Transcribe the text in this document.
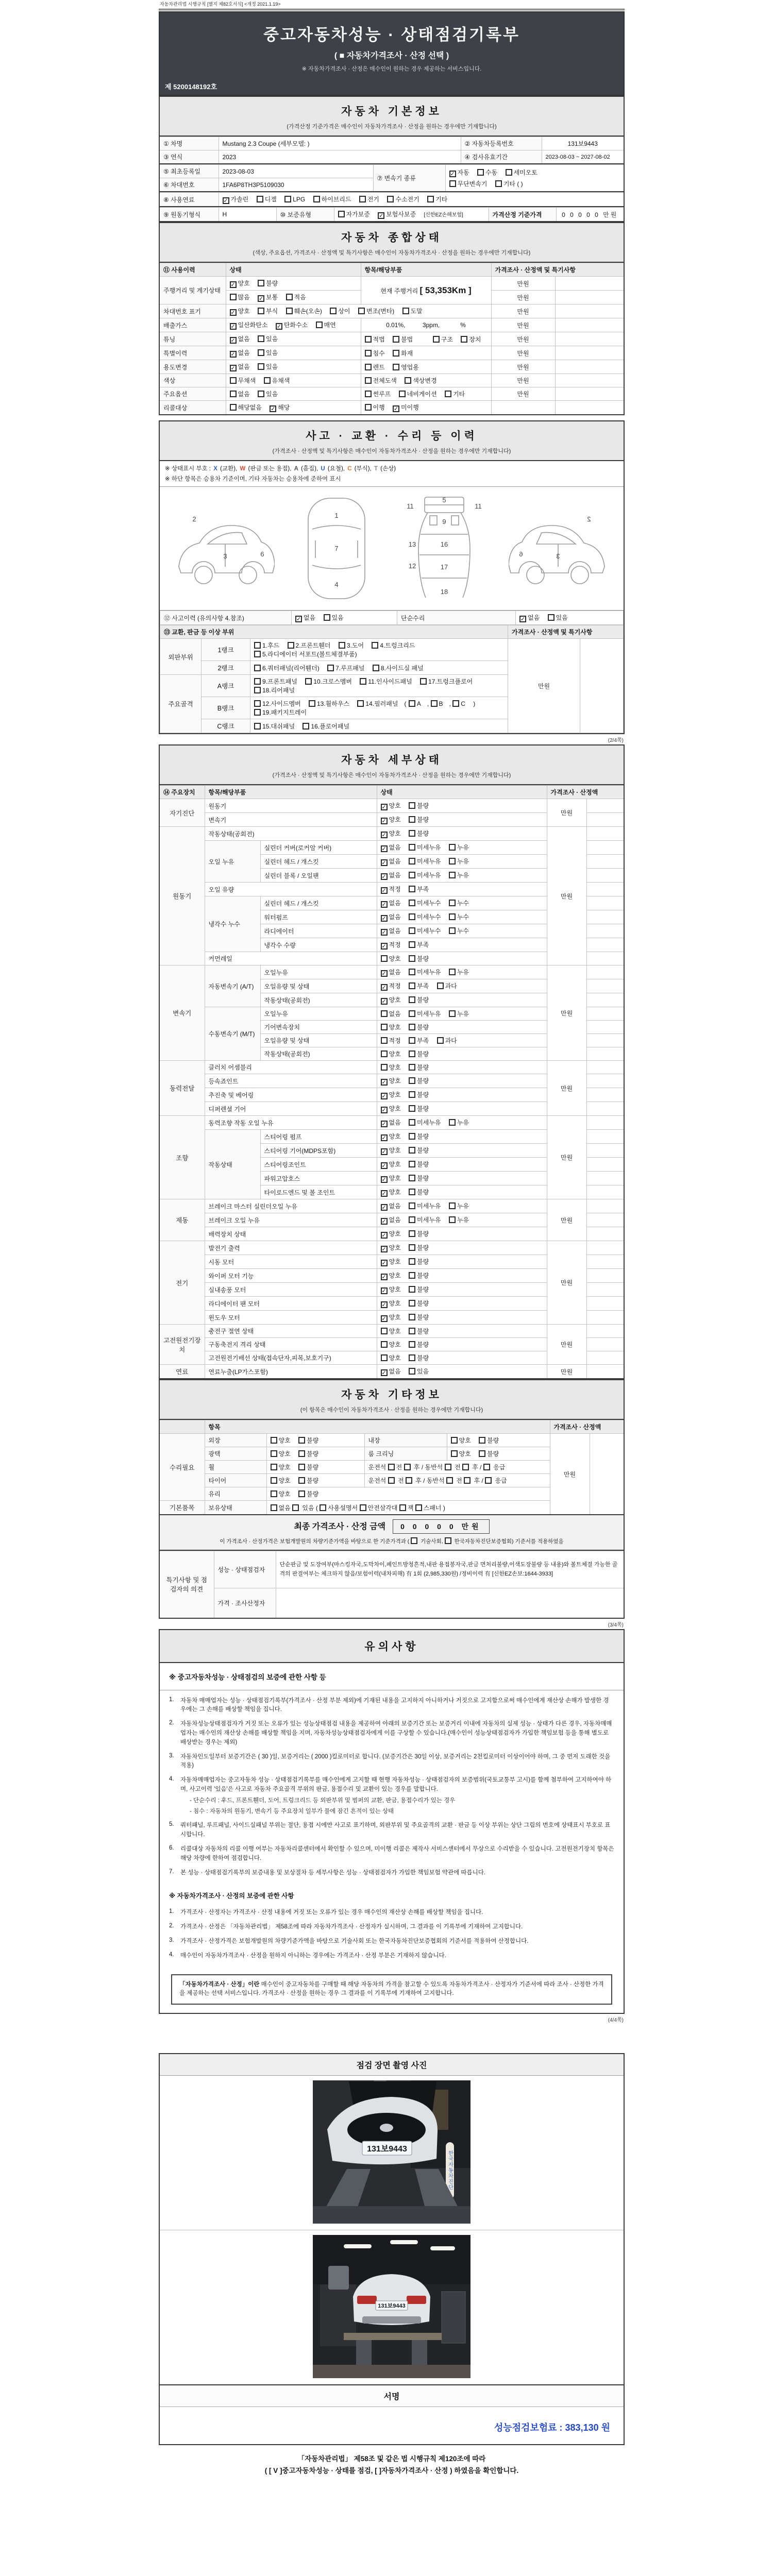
자동차관리법 시행규칙 [별지 제82호서식] <개정 2021.1.19>
중고자동차성능 · 상태점검기록부
( ■ 자동차가격조사 · 산정 선택 )
※ 자동차가격조사 · 산정은 매수인이 원하는 경우 제공하는 서비스입니다.
제 5200148192호
자동차 기본정보
(가격산정 기준가격은 매수인이 자동차가격조사 · 산정을 원하는 경우에만 기재합니다)
① 차명	Mustang 2.3 Coupe (세부모델: )	② 자동차등록번호	131보9443
③ 연식	2023	④ 검사유효기간	2023-08-03 ~ 2027-08-02
⑤ 최초등록일	2023-08-03	⑦ 변속기 종류	✓ 자동 수동 세미오토
무단변속기 기타 ( )

⑥ 차대번호	1FA6P8TH3P5109030		
⑧ 사용연료	✓ 가솔린	디젤	LPG	하이브리드	전기	수소전기	기타
⑨ 원동기형식	H	⑩ 보증유형	자가보증 ✓ 보험사보증 [신한EZ손해보험]	가격산정 기준가격	0 0 0 0 0 만원
자동차 종합상태
(색상, 주요옵션, 가격조사 · 산정액 및 특기사항은 매수인이 자동차가격조사 · 산정을 원하는 경우에만 기재합니다)
⑪ 사용이력	상태	항목/해당부품	가격조사 · 산정액 및 특기사항	
주행거리 및 계기상태	✓ 양호 불량	현재 주행거리 [ 53,353Km ]	만원	
	많음 ✓ 보통 적음		만원	
차대번호 표기	✓ 양호 부식 훼손(오손) 상이 변조(변타) 도말		만원	
배출가스	✓ 일산화탄소 ✓ 탄화수소 매연	0.01%,          3ppm,            %	만원	
튜닝	✓ 없음 있음	적법 불법 구조 장치	만원	
특별이력	✓ 없음 있음	침수 화재	만원	
용도변경	✓ 없음 있음	렌트 영업용	만원	
색상	무채색 유채색	전체도색 색상변경	만원	
주요옵션	없음 있음	썬루프 네비게이션 기타	만원	
리콜대상	해당없음 ✓ 해당	이행 ✓ 미이행		

사고 · 교환 · 수리 등 이력
(가격조사 · 산정액 및 특기사항은 매수인이 자동차가격조사 · 산정을 원하는 경우에만 기재합니다)
※ 상태표시 부호 : X (교환), W (판금 또는 용접), A (흠집), U (요철), C (부식), T (손상)
※ 하단 항목은 승용차 기준이며, 기타 자동차는 승용차에 준하여 표시
2
3	6
1
7
4
11
5
9
11
13
12
16
17
18
2
3
6
⑫ 사고이력 (유의사항 4.참조)	✓ 없음	있음	단순수리	✓ 없음	있음
⑬ 교환, 판금 등 이상 부위			가격조사 · 산정액 및 특기사항	
외판부위	1랭크	1.후드 2.프론트휀더 3.도어 4.트렁크리드 5.라디에이터 서포트(볼트체결부품)	만원	
	2랭크	6.쿼터패널(리어휀더) 7.루프패널 8.사이드실 패널		
주요골격	A랭크	9.프론트패널 10.크로스멤버 11.인사이드패널 17.트렁크플로어 18.리어패널		
	B랭크	12.사이드멤버 13.휠하우스 14.필러패널 ( A , B , C ) 19.패키지트레이		
	C랭크	15.대쉬패널 16.플로어패널		
(2/4쪽)
자동차 세부상태
(가격조사 · 산정액 및 특기사항은 매수인이 자동차가격조사 · 산정을 원하는 경우에만 기재합니다)
⑭ 주요장치	항목/해당부품		상태	가격조사 · 산정액	
자기진단	원동기		✓ 양호 불량	만원	
	변속기		✓ 양호 불량		
원동기	작동상태(공회전)		✓ 양호 불량	만원	
	오일 누유	실린더 커버(로커암 커버)	✓ 없음 미세누유 누유		
		실린더 헤드 / 개스킷	✓ 없음 미세누유 누유		
		실린더 블록 / 오일팬	✓ 없음 미세누유 누유		
	오일 유량		✓ 적정 부족		
	냉각수 누수	실린더 헤드 / 개스킷	✓ 없음 미세누수 누수		
		워터펌프	✓ 없음 미세누수 누수		
		라디에이터	✓ 없음 미세누수 누수		
		냉각수 수량	✓ 적정 부족		
	커먼레일		양호 불량		
변속기	자동변속기 (A/T)	오일누유	✓ 없음 미세누유 누유	만원	
		오일유량 및 상태	✓ 적정 부족 과다		
		작동상태(공회전)	✓ 양호 불량		
	수동변속기 (M/T)	오일누유	없음 미세누유 누유		
		기어변속장치	양호 불량		
		오일유량 및 상태	적정 부족 과다		
		작동상태(공회전)	양호 불량		
동력전달	클러치 어셈블리		양호 불량	만원	
	등속죠인트		✓ 양호 불량		
	추진축 및 베어링		✓ 양호 불량		
	디퍼렌셜 기어		✓ 양호 불량		
조향	동력조향 작동 오일 누유		✓ 없음 미세누유 누유	만원	
	작동상태	스티어링 펌프	✓ 양호 불량		
		스티어링 기어(MDPS포함)	✓ 양호 불량		
		스티어링조인트	✓ 양호 불량		
		파워고압호스	✓ 양호 불량		
		타이로드엔드 및 볼 조인트	✓ 양호 불량		
제동	브레이크 마스터 실린더오일 누유		✓ 없음 미세누유 누유	만원	
	브레이크 오일 누유		✓ 없음 미세누유 누유		
	배력장치 상태		✓ 양호 불량		
전기	발전기 출력		✓ 양호 불량	만원	
	시동 모터		✓ 양호 불량		
	와이퍼 모터 기능		✓ 양호 불량		
	실내송풍 모터		✓ 양호 불량		
	라디에이터 팬 모터		✓ 양호 불량		
	윈도우 모터		✓ 양호 불량		
고전원전기장치	충전구 절연 상태		양호 불량	만원	
	구동축전지 격리 상태		양호 불량		
	고전원전기배선 상태(접속단자,피복,보호기구)		양호 불량		
연료	연료누출(LP가스포함)		✓ 없음 있음	만원	
자동차 기타정보
(이 항목은 매수인이 자동차가격조사 · 산정을 원하는 경우에만 기재합니다)
	항목				가격조사 · 산정액	
수리필요	외장	양호 불량	내장	양호 불량	만원	
	광택	양호 불량	룸 크리닝	양호 불량		
	휠	양호 불량	운전석 전  후 / 동반석  전  후 /  응급			
	타이어	양호 불량	운전석  전  후 / 동반석  전  후 /  응급			
	유리	양호 불량				
기본품목	보유상태	없음  있음 ( 사용설명서 안전삼각대 잭 스패너 )				
최종 가격조사 · 산정 금액 0 0 0 0 0 만원
이 가격조사 · 산정가격은 보험개발원의 차량기준가액을 바탕으로 한 기준가격과 (  기술사회,  한국자동차진단보증협회) 기준서를 적용하였음
특기사항 및 점검자의 의견	성능 · 상태점검자	단순판금 및 도장여부(마스킹자국,도막차이,페인트방청흔적,내판 용접봉자국,판금 면처리불량,이색도장불량 등 내용)와 볼트체결 가능한 골격의 판결여부는 체크하지 않음/보험이력(내차피해) 有 1회 (2,985,330원) /정비이력 有 [신한EZ손보:1644-3933]
	가격 · 조사산정자	
(3/4쪽)
유의사항
※ 중고자동차성능 · 상태점검의 보증에 관한 사항 등
1.	자동차 매매업자는 성능 · 상태점검기록부(가격조사 · 산정 부분 제외)에 기재된 내용을 고지하지 아니하거나 거짓으로 고지함으로써 매수인에게 재산상 손해가 발생한 경우에는 그 손해를 배상할 책임을 집니다.
2.	자동차성능상태점검자가 거짓 또는 오류가 있는 성능상태점검 내용을 제공하여 아래의 보증기간 또는 보증거리 이내에 자동차의 실제 성능 · 상태가 다른 경우, 자동차매매업자는 매수인의 재산상 손해를 배상할 책임을 지며, 자동차성능상태점검자에게 이를 구상할 수 있습니다.(매수인이 성능상태점검자가 가입한 책임보험 등을 통해 별도로 배상받는 경우는 제외)
3.	자동차인도일부터 보증기간은 ( 30 )일, 보증거리는 ( 2000 )킬로미터로 합니다. (보증기간은 30일 이상, 보증거리는 2천킬로미터 이상이어야 하며, 그 중 먼저 도래한 것을 적용)
4.	자동차매매업자는 중고자동차 성능 · 상태점검기록부를 매수인에게 고지할 때 현행 자동차성능 · 상태점검자의 보증범위(국토교통부 고시)를 함께 첨부하여 고지하여야 하며, 사고이력 '있음'은 사고로 자동차 주요골격 부위의 판금, 용접수리 및 교환이 있는 경우를 말합니다.
- 단순수리 : 후드, 프론트휀더, 도어, 트렁크리드 등 외판부위 및 범퍼의 교환, 판금, 용접수리가 있는 경우
- 침수 : 자동차의 원동기, 변속기 등 주요장치 일부가 물에 잠긴 흔적이 있는 상태
5.	쿼터패널, 루프패널, 사이드실패널 부위는 절단, 용접 시에만 사고로 표기하며, 외판부위 및 주요골격의 교환 · 판금 등 이상 부위는 상단 그림의 번호에 상태표시 부호로 표시합니다.
6.	리콜대상 자동차의 리콜 이행 여부는 자동차리콜센터에서 확인할 수 있으며, 미이행 리콜은 제작사 서비스센터에서 무상으로 수리받을 수 있습니다. 고전원전기장치 항목은 해당 차량에 한하여 점검합니다.
7.	본 성능 · 상태점검기록부의 보증내용 및 보상절차 등 세부사항은 성능 · 상태점검자가 가입한 책임보험 약관에 따릅니다.
※ 자동차가격조사 · 산정의 보증에 관한 사항
1.	가격조사 · 산정자는 가격조사 · 산정 내용에 거짓 또는 오류가 있는 경우 매수인의 재산상 손해를 배상할 책임을 집니다.
2.	가격조사 · 산정은 「자동차관리법」 제58조에 따라 자동차가격조사 · 산정자가 실시하며, 그 결과를 이 기록부에 기재하여 고지합니다.
3.	가격조사 · 산정가격은 보험개발원의 차량기준가액을 바탕으로 기술사회 또는 한국자동차진단보증협회의 기준서를 적용하여 산정합니다.
4.	매수인이 자동차가격조사 · 산정을 원하지 아니하는 경우에는 가격조사 · 산정 부분은 기재하지 않습니다.
「자동차가격조사 · 산정」이란 매수인이 중고자동차를 구매할 때 해당 자동차의 가격을 참고할 수 있도록 자동차가격조사 · 산정자가 기준서에 따라 조사 · 산정한 가격을 제공하는 선택 서비스입니다. 가격조사 · 산정을 원하는 경우 그 결과를 이 기록부에 기재하여 고지합니다.
(4/4쪽)
점검 장면 촬영 사진
한국자동차진단
131보9443
131보9443
서명
성능점검보험료 : 383,130 원
「자동차관리법」 제58조 및 같은 법 시행규칙 제120조에 따라
( [ V ]중고자동차성능 · 상태를 점검, [ ]자동차가격조사 · 산정 ) 하였음을 확인합니다.
